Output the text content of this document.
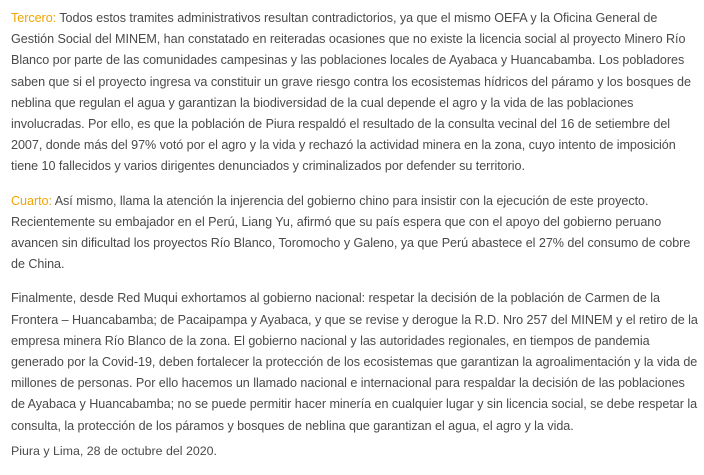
Tercero: Todos estos tramites administrativos resultan contradictorios, ya que el mismo OEFA y la Oficina General de Gestión Social del MINEM, han constatado en reiteradas ocasiones que no existe la licencia social al proyecto Minero Río Blanco por parte de las comunidades campesinas y las poblaciones locales de Ayabaca y Huancabamba. Los pobladores saben que si el proyecto ingresa va constituir un grave riesgo contra los ecosistemas hídricos del páramo y los bosques de neblina que regulan el agua y garantizan la biodiversidad de la cual depende el agro y la vida de las poblaciones involucradas. Por ello, es que la población de Piura respaldó el resultado de la consulta vecinal del 16 de setiembre del 2007, donde más del 97% votó por el agro y la vida y rechazó la actividad minera en la zona, cuyo intento de imposición tiene 10 fallecidos y varios dirigentes denunciados y criminalizados por defender su territorio.

Cuarto: Así mismo, llama la atención la injerencia del gobierno chino para insistir con la ejecución de este proyecto. Recientemente su embajador en el Perú, Liang Yu, afirmó que su país espera que con el apoyo del gobierno peruano avancen sin dificultad los proyectos Río Blanco, Toromocho y Galeno, ya que Perú abastece el 27% del consumo de cobre de China.

Finalmente, desde Red Muqui exhortamos al gobierno nacional: respetar la decisión de la población de Carmen de la Frontera – Huancabamba; de Pacaipampa y Ayabaca, y que se revise y derogue la R.D. Nro 257 del MINEM y el retiro de la empresa minera Río Blanco de la zona. El gobierno nacional y las autoridades regionales, en tiempos de pandemia generado por la Covid-19, deben fortalecer la protección de los ecosistemas que garantizan la agroalimentación y la vida de millones de personas. Por ello hacemos un llamado nacional e internacional para respaldar la decisión de las poblaciones de Ayabaca y Huancabamba; no se puede permitir hacer minería en cualquier lugar y sin licencia social, se debe respetar la consulta, la protección de los páramos y bosques de neblina que garantizan el agua, el agro y la vida.

Piura y Lima, 28 de octubre del 2020.
